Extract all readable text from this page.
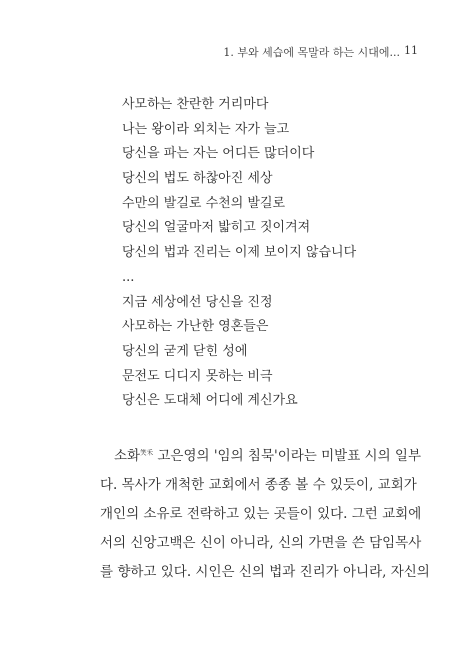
1. 부와 세습에 목말라 하는 시대에... 11
사모하는 찬란한 거리마다
나는 왕이라 외치는 자가 늘고
당신을 파는 자는 어디든 많더이다
당신의 법도 하찮아진 세상
수만의 발길로 수천의 발길로
당신의 얼굴마저 밟히고 짓이겨져
당신의 법과 진리는 이제 보이지 않습니다
...
지금 세상에선 당신을 진정
사모하는 가난한 영혼들은
당신의 굳게 닫힌 성에
문전도 디디지 못하는 비극
당신은 도대체 어디에 계신가요
소화$^{笑禾}$ 고은영의 '임의 침묵'이라는 미발표 시의 일부
다. 목사가 개척한 교회에서 종종 볼 수 있듯이, 교회가
개인의 소유로 전락하고 있는 곳들이 있다. 그런 교회에
서의 신앙고백은 신이 아니라, 신의 가면을 쓴 담임목사
를 향하고 있다. 시인은 신의 법과 진리가 아니라, 자신의
